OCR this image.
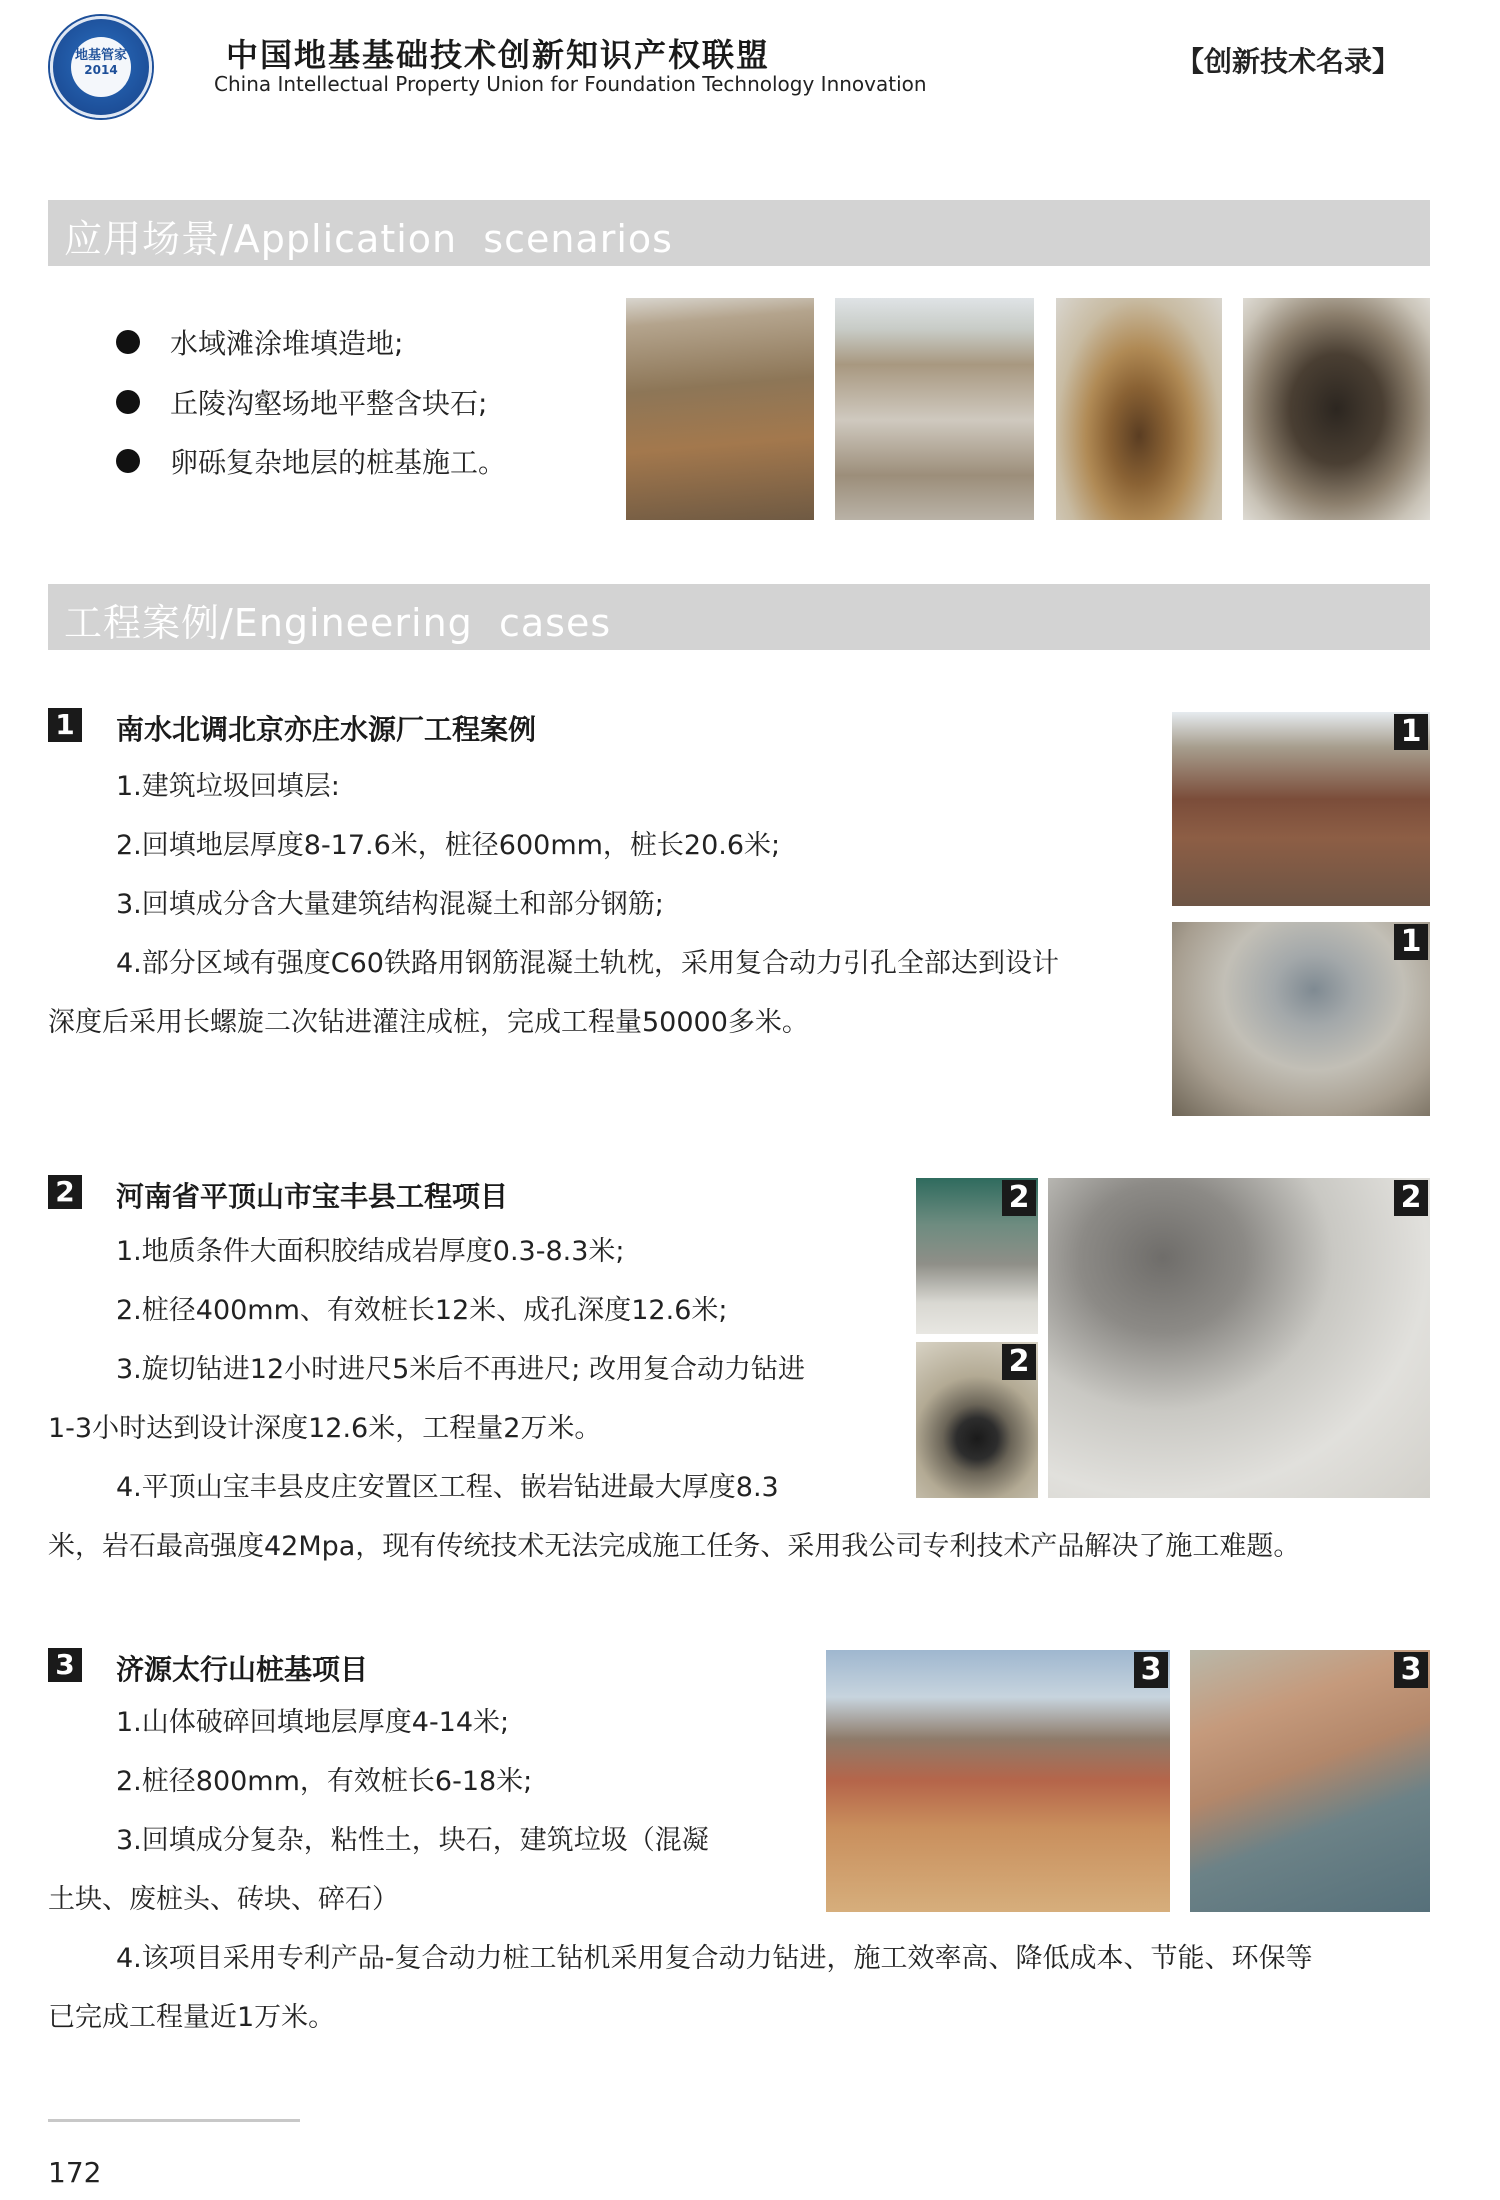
地基管家
2014	中国地基基础技术创新知识产权联盟
China Intellectual Property Union for Foundation Technology Innovation
【创新技术名录】
应用场景/Application  scenarios
水域滩涂堆填造地;
丘陵沟壑场地平整含块石;
卵砾复杂地层的桩基施工。
工程案例/Engineering  cases
1 南水北调北京亦庄水源厂工程案例
1.建筑垃圾回填层:
2.回填地层厚度8-17.6米，桩径600mm，桩长20.6米;
3.回填成分含大量建筑结构混凝土和部分钢筋;
4.部分区域有强度C60铁路用钢筋混凝土轨枕，采用复合动力引孔全部达到设计
深度后采用长螺旋二次钻进灌注成桩，完成工程量50000多米。
1
1
2 河南省平顶山市宝丰县工程项目
1.地质条件大面积胶结成岩厚度0.3-8.3米;
2.桩径400mm、有效桩长12米、成孔深度12.6米;
3.旋切钻进12小时进尺5米后不再进尺; 改用复合动力钻进
1-3小时达到设计深度12.6米，工程量2万米。
4.平顶山宝丰县皮庄安置区工程、嵌岩钻进最大厚度8.3
米，岩石最高强度42Mpa，现有传统技术无法完成施工任务、采用我公司专利技术产品解决了施工难题。
2
2
2
3 济源太行山桩基项目
1.山体破碎回填地层厚度4-14米;
2.桩径800mm，有效桩长6-18米;
3.回填成分复杂，粘性土，块石，建筑垃圾（混凝
土块、废桩头、砖块、碎石）
4.该项目采用专利产品-复合动力桩工钻机采用复合动力钻进，施工效率高、降低成本、节能、环保等
已完成工程量近1万米。
3	3
172
